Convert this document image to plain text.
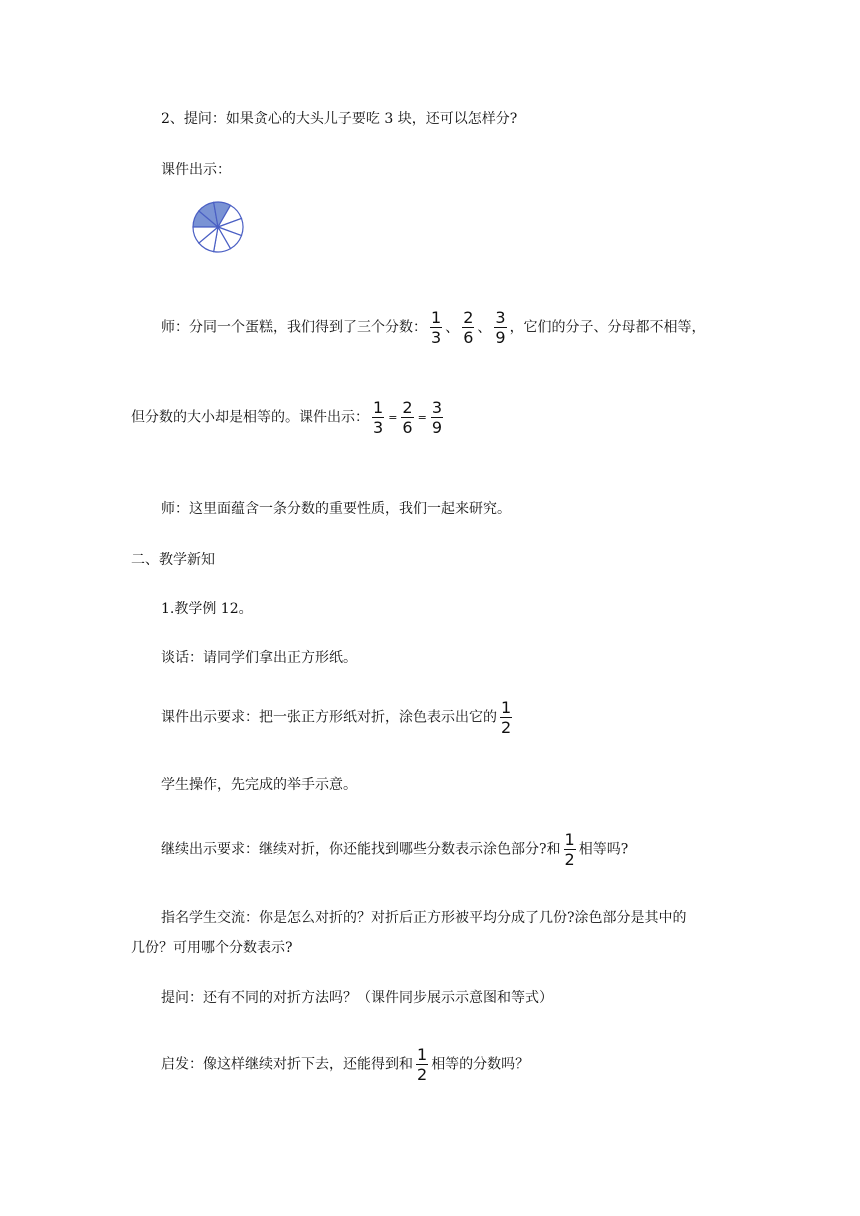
2、提问：如果贪心的大头儿子要吃 3 块，还可以怎样分?
课件出示：
师：分同一个蛋糕，我们得到了三个分数： $\frac{1}{3}$ 、 $\frac{2}{6}$ 、 $\frac{3}{9}$ ，它们的分子、分母都不相等，
但分数的大小却是相等的。课件出示： $\frac{1}{3} = \frac{2}{6} = \frac{3}{9}$
师：这里面蕴含一条分数的重要性质，我们一起来研究。
二、教学新知
1.教学例 12。
谈话：请同学们拿出正方形纸。
课件出示要求：把一张正方形纸对折，涂色表示出它的 $\frac{1}{2}$
学生操作，先完成的举手示意。
继续出示要求：继续对折，你还能找到哪些分数表示涂色部分?和 $\frac{1}{2}$ 相等吗?
指名学生交流：你是怎么对折的？对折后正方形被平均分成了几份?涂色部分是其中的
几份？可用哪个分数表示?
提问：还有不同的对折方法吗？（课件同步展示示意图和等式）
启发：像这样继续对折下去，还能得到和 $\frac{1}{2}$ 相等的分数吗？
